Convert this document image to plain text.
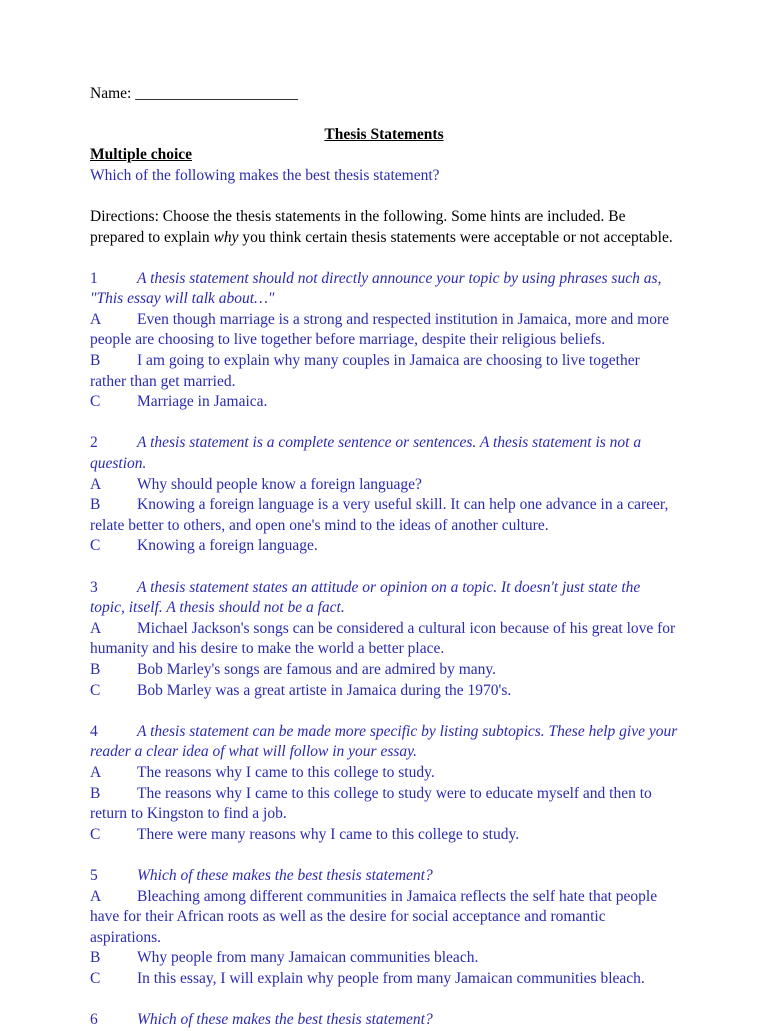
Name: _____________________

Thesis Statements

Multiple choice

Which of the following makes the best thesis statement?

Directions: Choose the thesis statements in the following. Some hints are included. Be prepared to explain why you think certain thesis statements were acceptable or not acceptable.

1	A thesis statement should not directly announce your topic by using phrases such as, "This essay will talk about…"

A Even though marriage is a strong and respected institution in Jamaica, more and more people are choosing to live together before marriage, despite their religious beliefs.

B I am going to explain why many couples in Jamaica are choosing to live together rather than get married.

C Marriage in Jamaica.

2	A thesis statement is a complete sentence or sentences. A thesis statement is not a question.

A Why should people know a foreign language?

B Knowing a foreign language is a very useful skill. It can help one advance in a career, relate better to others, and open one's mind to the ideas of another culture.

C Knowing a foreign language.

3	A thesis statement states an attitude or opinion on a topic. It doesn't just state the topic, itself. A thesis should not be a fact.

A Michael Jackson's songs can be considered a cultural icon because of his great love for humanity and his desire to make the world a better place.

B Bob Marley's songs are famous and are admired by many.

C Bob Marley was a great artiste in Jamaica during the 1970's.

4	A thesis statement can be made more specific by listing subtopics. These help give your reader a clear idea of what will follow in your essay.

A The reasons why I came to this college to study.

B The reasons why I came to this college to study were to educate myself and then to return to Kingston to find a job.

C There were many reasons why I came to this college to study.

5	Which of these makes the best thesis statement?

A Bleaching among different communities in Jamaica reflects the self hate that people have for their African roots as well as the desire for social acceptance and romantic aspirations.

B Why people from many Jamaican communities bleach.

C In this essay, I will explain why people from many Jamaican communities bleach.

6	Which of these makes the best thesis statement?
